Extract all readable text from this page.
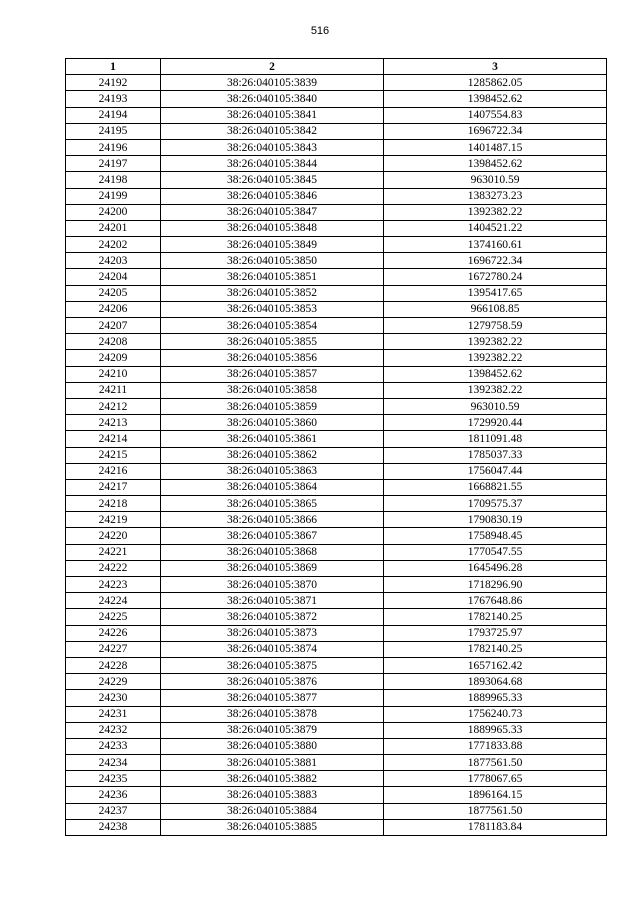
516
1	2	3
24192	38:26:040105:3839	1285862.05
24193	38:26:040105:3840	1398452.62
24194	38:26:040105:3841	1407554.83
24195	38:26:040105:3842	1696722.34
24196	38:26:040105:3843	1401487.15
24197	38:26:040105:3844	1398452.62
24198	38:26:040105:3845	963010.59
24199	38:26:040105:3846	1383273.23
24200	38:26:040105:3847	1392382.22
24201	38:26:040105:3848	1404521.22
24202	38:26:040105:3849	1374160.61
24203	38:26:040105:3850	1696722.34
24204	38:26:040105:3851	1672780.24
24205	38:26:040105:3852	1395417.65
24206	38:26:040105:3853	966108.85
24207	38:26:040105:3854	1279758.59
24208	38:26:040105:3855	1392382.22
24209	38:26:040105:3856	1392382.22
24210	38:26:040105:3857	1398452.62
24211	38:26:040105:3858	1392382.22
24212	38:26:040105:3859	963010.59
24213	38:26:040105:3860	1729920.44
24214	38:26:040105:3861	1811091.48
24215	38:26:040105:3862	1785037.33
24216	38:26:040105:3863	1756047.44
24217	38:26:040105:3864	1668821.55
24218	38:26:040105:3865	1709575.37
24219	38:26:040105:3866	1790830.19
24220	38:26:040105:3867	1758948.45
24221	38:26:040105:3868	1770547.55
24222	38:26:040105:3869	1645496.28
24223	38:26:040105:3870	1718296.90
24224	38:26:040105:3871	1767648.86
24225	38:26:040105:3872	1782140.25
24226	38:26:040105:3873	1793725.97
24227	38:26:040105:3874	1782140.25
24228	38:26:040105:3875	1657162.42
24229	38:26:040105:3876	1893064.68
24230	38:26:040105:3877	1889965.33
24231	38:26:040105:3878	1756240.73
24232	38:26:040105:3879	1889965.33
24233	38:26:040105:3880	1771833.88
24234	38:26:040105:3881	1877561.50
24235	38:26:040105:3882	1778067.65
24236	38:26:040105:3883	1896164.15
24237	38:26:040105:3884	1877561.50
24238	38:26:040105:3885	1781183.84
